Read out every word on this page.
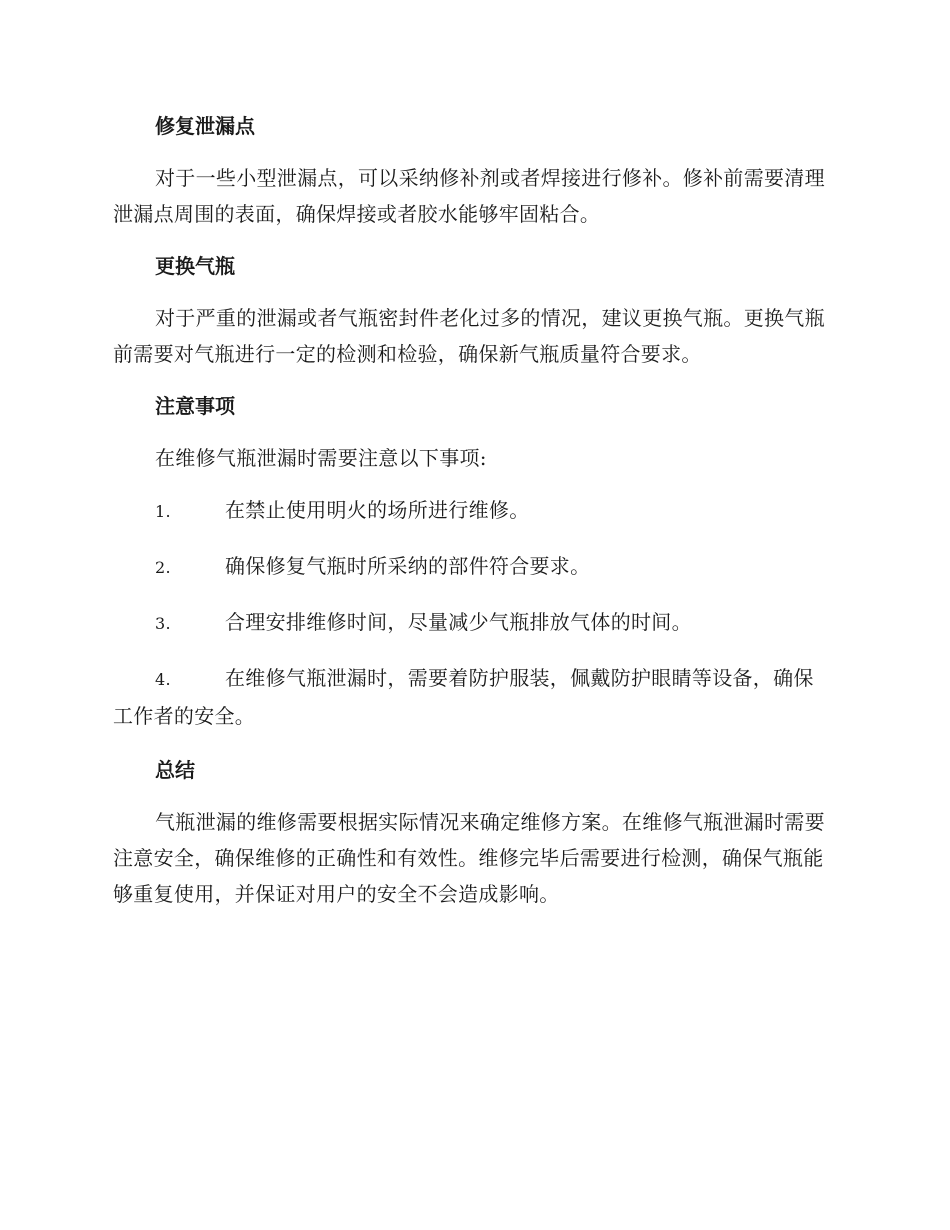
修复泄漏点

对于一些小型泄漏点，可以采纳修补剂或者焊接进行修补。修补前需要清理泄漏点周围的表面，确保焊接或者胶水能够牢固粘合。

更换气瓶

对于严重的泄漏或者气瓶密封件老化过多的情况，建议更换气瓶。更换气瓶前需要对气瓶进行一定的检测和检验，确保新气瓶质量符合要求。

注意事项

在维修气瓶泄漏时需要注意以下事项:

1.	在禁止使用明火的场所进行维修。
2.	确保修复气瓶时所采纳的部件符合要求。
3.	合理安排维修时间，尽量减少气瓶排放气体的时间。
4.	在维修气瓶泄漏时，需要着防护服装，佩戴防护眼睛等设备，确保工作者的安全。
总结

气瓶泄漏的维修需要根据实际情况来确定维修方案。在维修气瓶泄漏时需要注意安全，确保维修的正确性和有效性。维修完毕后需要进行检测，确保气瓶能够重复使用，并保证对用户的安全不会造成影响。
